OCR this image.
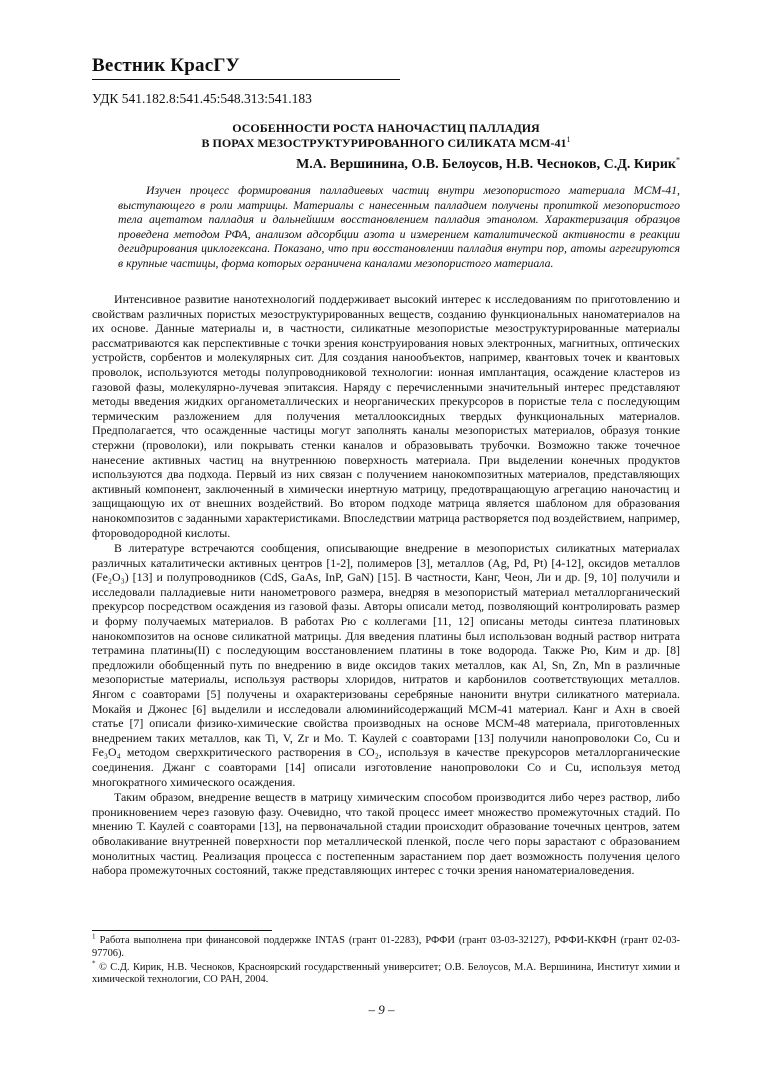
Вестник КрасГУ
УДК 541.182.8:541.45:548.313:541.183
ОСОБЕННОСТИ РОСТА НАНОЧАСТИЦ ПАЛЛАДИЯ
В ПОРАХ МЕЗОСТРУКТУРИРОВАННОГО СИЛИКАТА МСМ-$41^1$
М.А. Вершинина, О.В. Белоусов, Н.В. Чесноков, С.Д. Кирик*

Изучен процесс формирования палладиевых частиц внутри мезопористого материала МСМ-41, выступающего в роли матрицы. Материалы с нанесенным палладием получены пропиткой мезопористого тела ацетатом палладия и дальнейшим восстановлением палладия этанолом. Характеризация образцов проведена методом РФА, анализом адсорбции азота и измерением каталитической активности в реакции дегидрирования циклогексана. Показано, что при восстановлении палладия внутри пор, атомы агрегируются в крупные частицы, форма которых ограничена каналами мезопористого материала.

Интенсивное развитие нанотехнологий поддерживает высокий интерес к исследованиям по приготовлению и свойствам различных пористых мезоструктурированных веществ, созданию функциональных наноматериалов на их основе. Данные материалы и, в частности, силикатные мезопористые мезоструктурированные материалы рассматриваются как перспективные с точки зрения конструирования новых электронных, магнитных, оптических устройств, сорбентов и молекулярных сит. Для создания нанообъектов, например, квантовых точек и квантовых проволок, используются методы полупроводниковой технологии: ионная имплантация, осаждение кластеров из газовой фазы, молекулярно-лучевая эпитаксия. Наряду с перечисленными значительный интерес представляют методы введения жидких органометаллических и неорганических прекурсоров в пористые тела с последующим термическим разложением для получения металлооксидных твердых функциональных материалов. Предполагается, что осажденные частицы могут заполнять каналы мезопористых материалов, образуя тонкие стержни (проволоки), или покрывать стенки каналов и образовывать трубочки. Возможно также точечное нанесение активных частиц на внутреннюю поверхность материала. При выделении конечных продуктов используются два подхода. Первый из них связан с получением нанокомпозитных материалов, представляющих активный компонент, заключенный в химически инертную матрицу, предотвращающую агрегацию наночастиц и защищающую их от внешних воздействий. Во втором подходе матрица является шаблоном для образования нанокомпозитов с заданными характеристиками. Впоследствии матрица растворяется под воздействием, например, фтороводородной кислоты.

В литературе встречаются сообщения, описывающие внедрение в мезопористых силикатных материалах различных каталитически активных центров [1-2], полимеров [3], металлов (Ag, Pd, Pt) [4-12], оксидов металлов (Fe₂O₃) [13] и полупроводников (CdS, GaAs, InP, GaN) [15]. В частности, Канг, Чеон, Ли и др. [9, 10] получили и исследовали палладиевые нити нанометрового размера, внедряя в мезопористый материал металлорганический прекурсор посредством осаждения из газовой фазы. Авторы описали метод, позволяющий контролировать размер и форму получаемых материалов. В работах Рю с коллегами [11, 12] описаны методы синтеза платиновых нанокомпозитов на основе силикатной матрицы. Для введения платины был использован водный раствор нитрата тетрамина платины(II) с последующим восстановлением платины в токе водорода. Также Рю, Ким и др. [8] предложили обобщенный путь по внедрению в виде оксидов таких металлов, как Al, Sn, Zn, Mn в различные мезопористые материалы, используя растворы хлоридов, нитратов и карбонилов соответствующих металлов. Янгом с соавторами [5] получены и охарактеризованы серебряные нанонити внутри силикатного материала. Мокайя и Джонес [6] выделили и исследовали алюминийсодержащий МСМ-41 материал. Канг и Ахн в своей статье [7] описали физико-химические свойства производных на основе МСМ-48 материала, приготовленных внедрением таких металлов, как Ti, V, Zr и Mo. Т. Каулей с соавторами [13] получили нанопроволоки Co, Cu и Fe₃O₄ методом сверхкритического растворения в CO₂, используя в качестве прекурсоров металлорганические соединения. Джанг с соавторами [14] описали изготовление нанопроволоки Co и Cu, используя метод многократного химического осаждения.

Таким образом, внедрение веществ в матрицу химическим способом производится либо через раствор, либо проникновением через газовую фазу. Очевидно, что такой процесс имеет множество промежуточных стадий. По мнению Т. Каулей с соавторами [13], на первоначальной стадии происходит образование точечных центров, затем обволакивание внутренней поверхности пор металлической пленкой, после чего поры зарастают с образованием монолитных частиц. Реализация процесса с постепенным зарастанием пор дает возможность получения целого набора промежуточных состояний, также представляющих интерес с точки зрения наноматериаловедения.

$^1$ Работа выполнена при финансовой поддержке INTAS (грант 01-2283), РФФИ (грант 03-03-32127), РФФИ-ККФН (грант 02-03-97706).

* © С.Д. Кирик, Н.В. Чесноков, Красноярский государственный университет; О.В. Белоусов, М.А. Вершинина, Институт химии и химической технологии, СО РАН, 2004.

– 9 –
